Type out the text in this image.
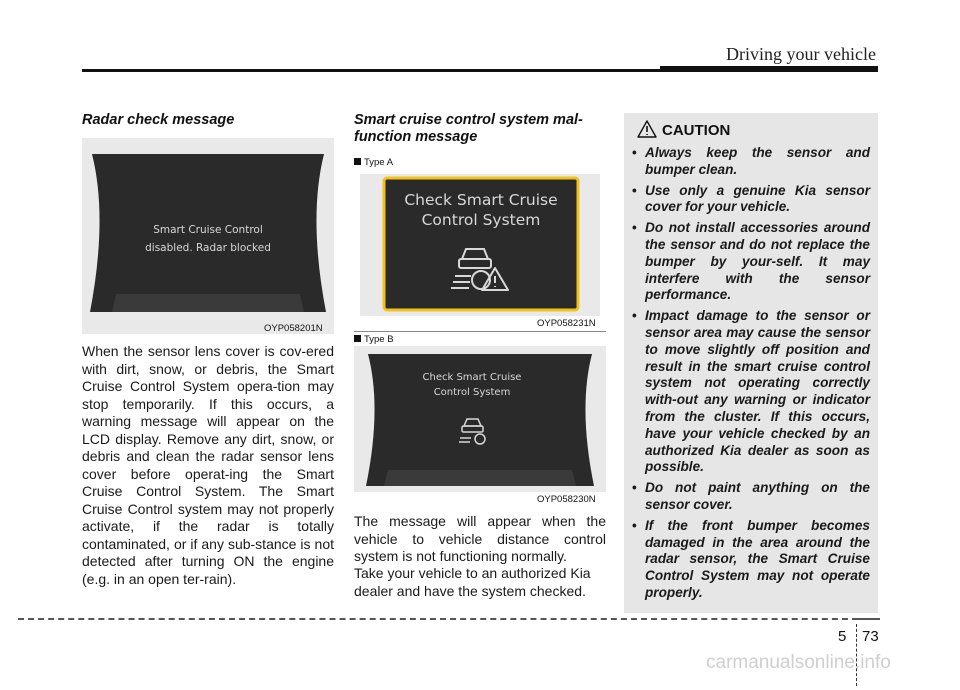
Driving your vehicle
Radar check message
Smart Cruise Control
disabled. Radar blocked
OYP058201N
When the sensor lens cover is cov-ered with dirt, snow, or debris, the Smart Cruise Control System opera-tion may stop temporarily. If this occurs, a warning message will appear on the LCD display. Remove any dirt, snow, or debris and clean the radar sensor lens cover before operat-ing the Smart Cruise Control System. The Smart Cruise Control system may not properly activate, if the radar is totally contaminated, or if any sub-stance is not detected after turning ON the engine (e.g. in an open ter-rain).
Smart cruise control system mal-
function message
Type A
Check Smart Cruise
Control System
OYP058231N
Type B
Check Smart Cruise
Control System
OYP058230N
The message will appear when the vehicle to vehicle distance control system is not functioning normally.
Take your vehicle to an authorized Kia dealer and have the system checked.
CAUTION
• Always keep the sensor and bumper clean.
• Use only a genuine Kia sensor cover for your vehicle.
• Do not install accessories around the sensor and do not replace the bumper by your-self. It may interfere with the sensor performance.
• Impact damage to the sensor or sensor area may cause the sensor to move slightly off position and result in the smart cruise control system not operating correctly with-out any warning or indicator from the cluster. If this occurs, have your vehicle checked by an authorized Kia dealer as soon as possible.
• Do not paint anything on the sensor cover.
• If the front bumper becomes damaged in the area around the radar sensor, the Smart Cruise Control System may not operate properly.
5 73
carmanualsonline.info
